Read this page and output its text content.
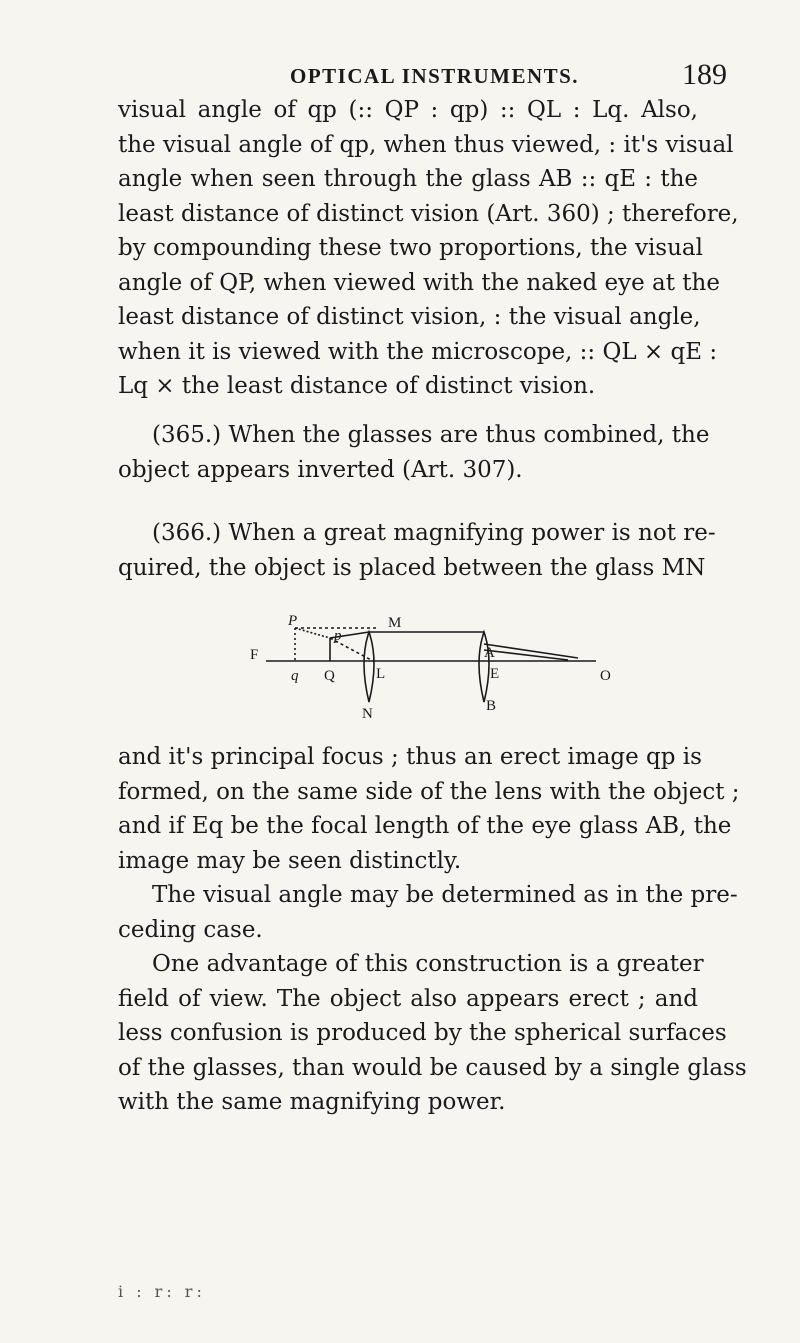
OPTICAL INSTRUMENTS.	189
visual angle of qp (:: QP : qp) :: QL : Lq. Also,
the visual angle of qp, when thus viewed, : it's visual
angle when seen through the glass AB :: qE : the
least distance of distinct vision (Art. 360) ; therefore,
by compounding these two proportions, the visual
angle of QP, when viewed with the naked eye at the
least distance of distinct vision, : the visual angle,
when it is viewed with the microscope, :: QL × qE :
Lq × the least distance of distinct vision.
(365.) When the glasses are thus combined, the
object appears inverted (Art. 307).
(366.) When a great magnifying power is not re-
quired, the object is placed between the glass MN
P
p
M
A
F
q Q	L	E	O
N	B
and it's principal focus ; thus an erect image qp is
formed, on the same side of the lens with the object ;
and if Eq be the focal length of the eye glass AB, the
image may be seen distinctly.
The visual angle may be determined as in the pre-
ceding case.
One advantage of this construction is a greater
field of view. The object also appears erect ; and
less confusion is produced by the spherical surfaces
of the glasses, than would be caused by a single glass
with the same magnifying power.
i : r: r:
